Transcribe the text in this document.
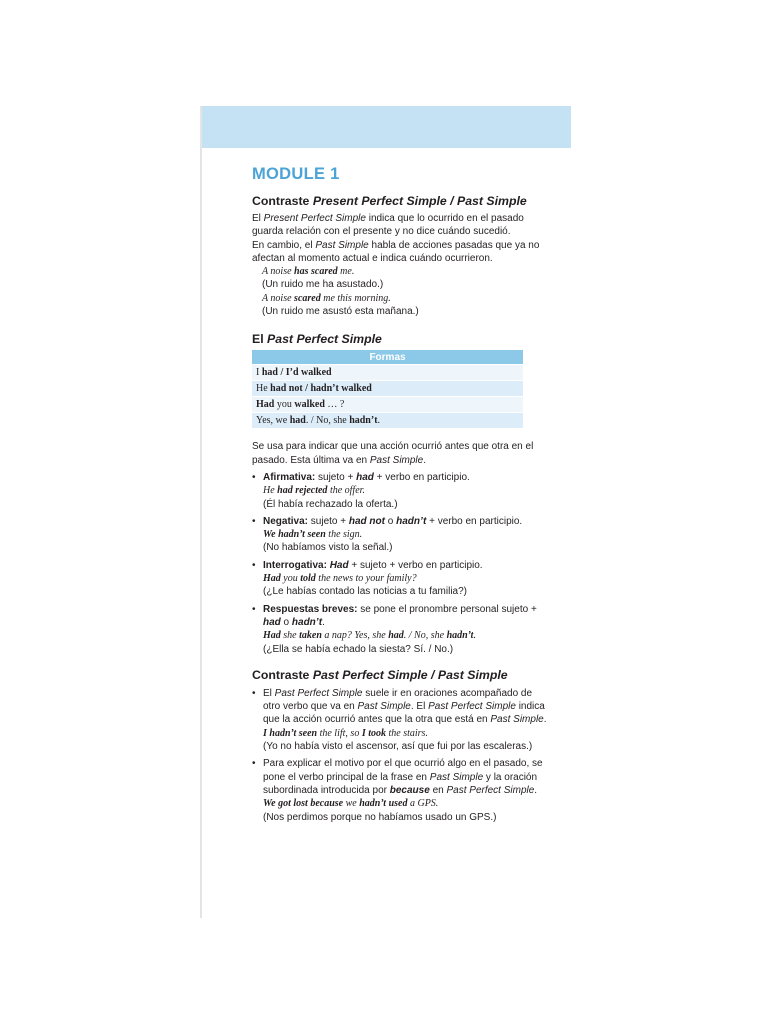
MODULE 1
Contraste Present Perfect Simple / Past Simple

El Present Perfect Simple indica que lo ocurrido en el pasado guarda relación con el presente y no dice cuándo sucedió.

En cambio, el Past Simple habla de acciones pasadas que ya no afectan al momento actual e indica cuándo ocurrieron.

A noise has scared me.
(Un ruido me ha asustado.)
A noise scared me this morning.
(Un ruido me asustó esta mañana.)
El Past Perfect Simple
Formas
I had / I’d walked
He had not / hadn’t walked
Had you walked … ?
Yes, we had. / No, she hadn’t.

Se usa para indicar que una acción ocurrió antes que otra en el pasado. Esta última va en Past Simple.

• Afirmativa: sujeto + had + verbo en participio.
He had rejected the offer.
(Él había rechazado la oferta.)
• Negativa: sujeto + had not o hadn’t + verbo en participio.
We hadn’t seen the sign.
(No habíamos visto la señal.)
• Interrogativa: Had + sujeto + verbo en participio.
Had you told the news to your family?
(¿Le habías contado las noticias a tu familia?)
• Respuestas breves: se pone el pronombre personal sujeto + had o hadn’t.
Had she taken a nap? Yes, she had. / No, she hadn’t.
(¿Ella se había echado la siesta? Sí. / No.)
Contraste Past Perfect Simple / Past Simple
• El Past Perfect Simple suele ir en oraciones acompañado de otro verbo que va en Past Simple. El Past Perfect Simple indica que la acción ocurrió antes que la otra que está en Past Simple.
I hadn’t seen the lift, so I took the stairs.
(Yo no había visto el ascensor, así que fui por las escaleras.)
• Para explicar el motivo por el que ocurrió algo en el pasado, se pone el verbo principal de la frase en Past Simple y la oración subordinada introducida por because en Past Perfect Simple.
We got lost because we hadn’t used a GPS.
(Nos perdimos porque no habíamos usado un GPS.)
